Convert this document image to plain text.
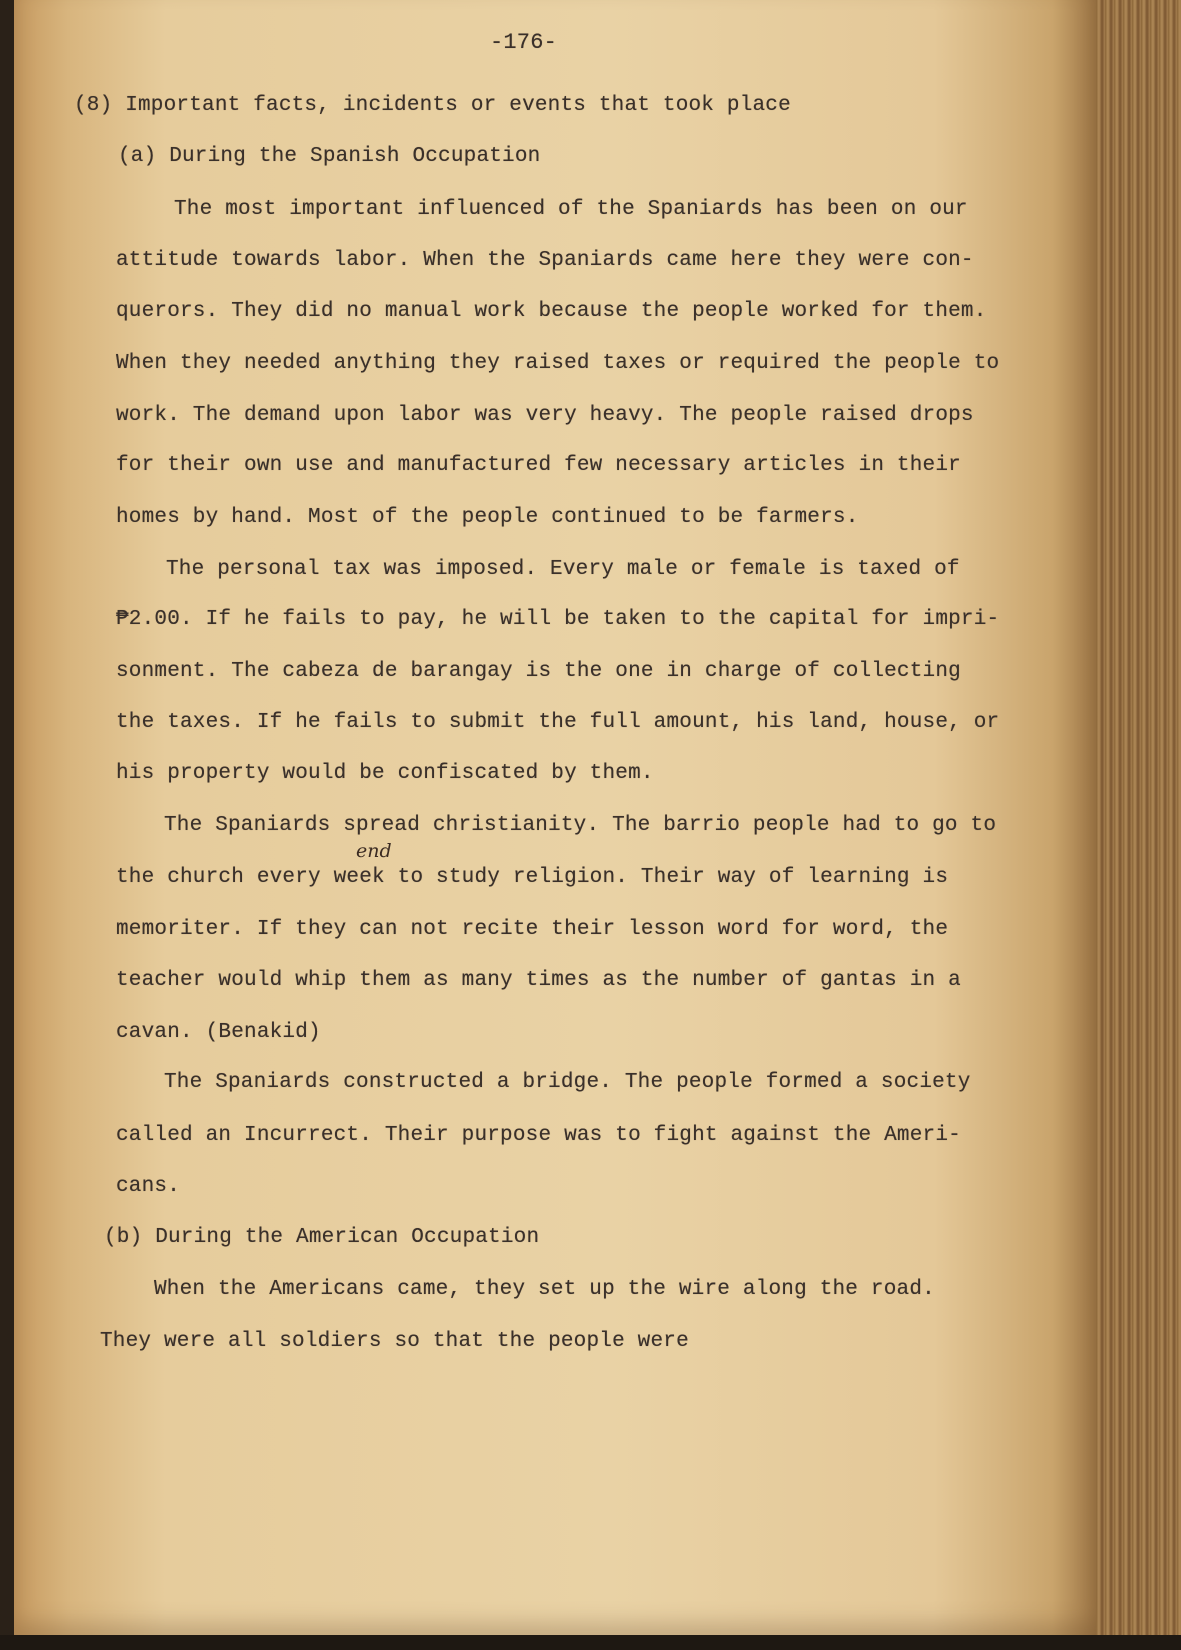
-176-

(8) Important facts, incidents or events that took place

(a) During the Spanish Occupation

The most important influenced of the Spaniards has been on our

attitude towards labor. When the Spaniards came here they were con-

querors. They did no manual work because the people worked for them.

When they needed anything they raised taxes or required the people to

work. The demand upon labor was very heavy. The people raised drops

for their own use and manufactured few necessary articles in their

homes by hand. Most of the people continued to be farmers.

The personal tax was imposed. Every male or female is taxed of

₱2.00. If he fails to pay, he will be taken to the capital for impri-

sonment. The cabeza de barangay is the one in charge of collecting

the taxes. If he fails to submit the full amount, his land, house, or

his property would be confiscated by them.

The Spaniards spread christianity. The barrio people had to go to

end

the church every week to study religion. Their way of learning is

memoriter. If they can not recite their lesson word for word, the

teacher would whip them as many times as the number of gantas in a

cavan. (Benakid)

The Spaniards constructed a bridge. The people formed a society

called an Incurrect. Their purpose was to fight against the Ameri-

cans.

(b) During the American Occupation

When the Americans came, they set up the wire along the road.

They were all soldiers so that the people were
